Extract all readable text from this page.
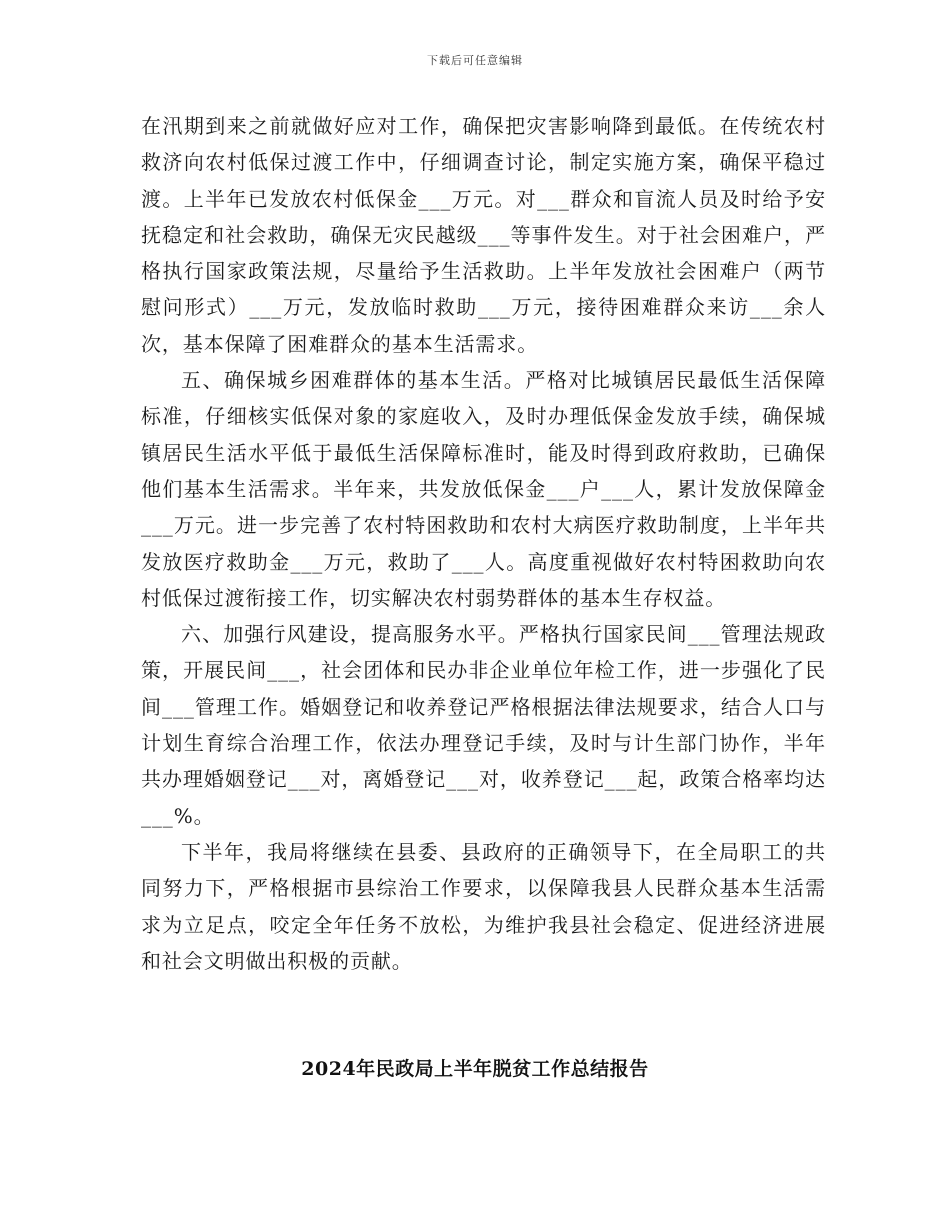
下载后可任意编辑

在汛期到来之前就做好应对工作，确保把灾害影响降到最低。在传统农村救济向农村低保过渡工作中，仔细调查讨论，制定实施方案，确保平稳过渡。上半年已发放农村低保金___万元。对___群众和盲流人员及时给予安抚稳定和社会救助，确保无灾民越级___等事件发生。对于社会困难户，严格执行国家政策法规，尽量给予生活救助。上半年发放社会困难户（两节慰问形式）___万元，发放临时救助___万元，接待困难群众来访___余人次，基本保障了困难群众的基本生活需求。

五、确保城乡困难群体的基本生活。严格对比城镇居民最低生活保障标准，仔细核实低保对象的家庭收入，及时办理低保金发放手续，确保城镇居民生活水平低于最低生活保障标准时，能及时得到政府救助，已确保他们基本生活需求。半年来，共发放低保金___户___人，累计发放保障金___万元。进一步完善了农村特困救助和农村大病医疗救助制度，上半年共发放医疗救助金___万元，救助了___人。高度重视做好农村特困救助向农村低保过渡衔接工作，切实解决农村弱势群体的基本生存权益。

六、加强行风建设，提高服务水平。严格执行国家民间___管理法规政策，开展民间___，社会团体和民办非企业单位年检工作，进一步强化了民间___管理工作。婚姻登记和收养登记严格根据法律法规要求，结合人口与计划生育综合治理工作，依法办理登记手续，及时与计生部门协作，半年共办理婚姻登记___对，离婚登记___对，收养登记___起，政策合格率均达___%。

下半年，我局将继续在县委、县政府的正确领导下，在全局职工的共同努力下，严格根据市县综治工作要求，以保障我县人民群众基本生活需求为立足点，咬定全年任务不放松，为维护我县社会稳定、促进经济进展和社会文明做出积极的贡献。

2024年民政局上半年脱贫工作总结报告
